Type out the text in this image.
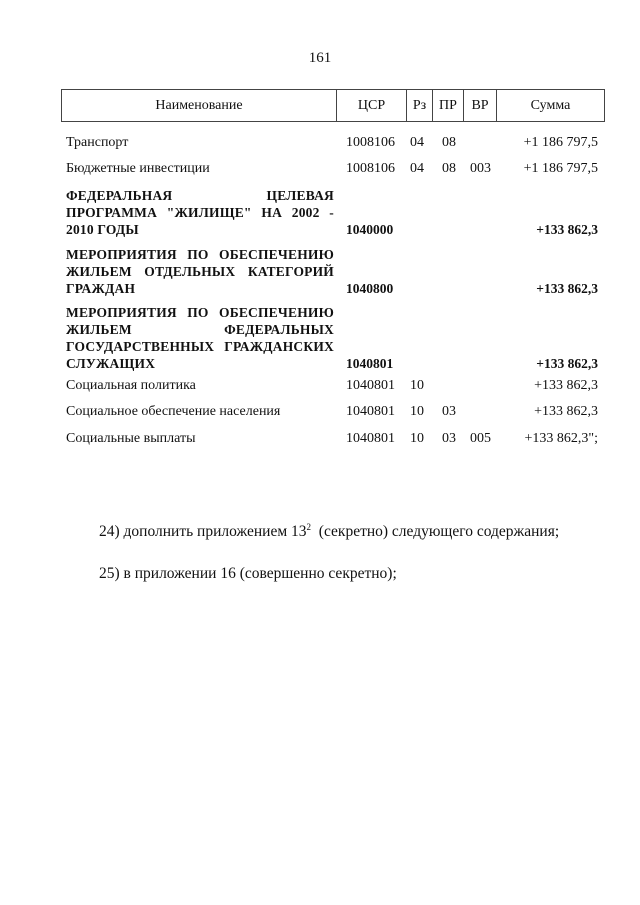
161
Наименование	ЦСР	Рз ПР	ВР	Сумма
Транспорт	1008106 04 08	+1 186 797,5
Бюджетные инвестиции	1008106 04 08 003 +1 186 797,5
ФЕДЕРАЛЬНАЯ ЦЕЛЕВАЯ ПРОГРАММА "ЖИЛИЩЕ" НА 2002 - 2010 ГОДЫ	1040000	+133 862,3
МЕРОПРИЯТИЯ ПО ОБЕСПЕЧЕНИЮ ЖИЛЬЕМ ОТДЕЛЬНЫХ КАТЕГОРИЙ ГРАЖДАН	1040800	+133 862,3
МЕРОПРИЯТИЯ ПО ОБЕСПЕЧЕНИЮ ЖИЛЬЕМ ФЕДЕРАЛЬНЫХ ГОСУДАРСТВЕННЫХ ГРАЖДАНСКИХ СЛУЖАЩИХ	1040801	+133 862,3
Социальная политика	1040801 10	+133 862,3
Социальное обеспечение населения	1040801 10 03	+133 862,3
Социальные выплаты	1040801 10 03 005 +133 862,3";
24) дополнить приложением $13^2$  (секретно) следующего содержания;
25) в приложении 16 (совершенно секретно);
